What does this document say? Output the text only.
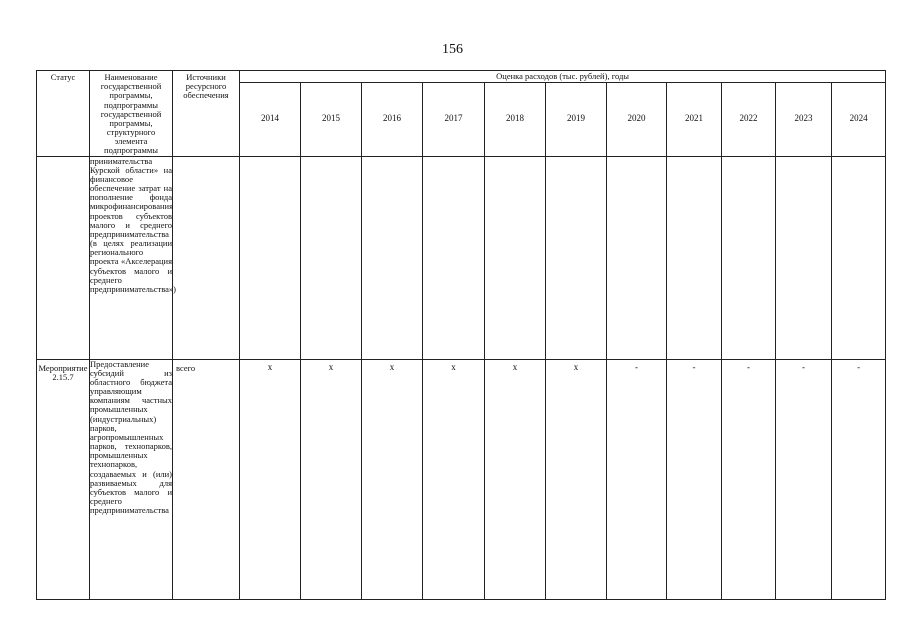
156
Статус	Наименование государственной программы, подпрограммы государственной программы, структурного элемента подпрограммы	Источники ресурсного обеспечения	Оценка расходов (тыс. рублей), годы										
			2014	2015	2016	2017	2018	2019	2020	2021	2022	2023	2024
	принимательства Курской области» на финансовое обеспечение затрат на пополнение фонда микрофинансирования проектов субъектов малого и среднего предпринимательства (в целях реализации регионального проекта «Акселерация субъектов малого и среднего предпринимательства»)												
Мероприятие 2.15.7	Предоставление субсидий из областного бюджета управляющим компаниям частных промышленных (индустриальных) парков, агропромышленных парков, технопарков, промышленных технопарков, создаваемых и (или) развиваемых для субъектов малого и среднего предпринимательства	всего	х	х	х	х	х	х	-	-	-	-	-
